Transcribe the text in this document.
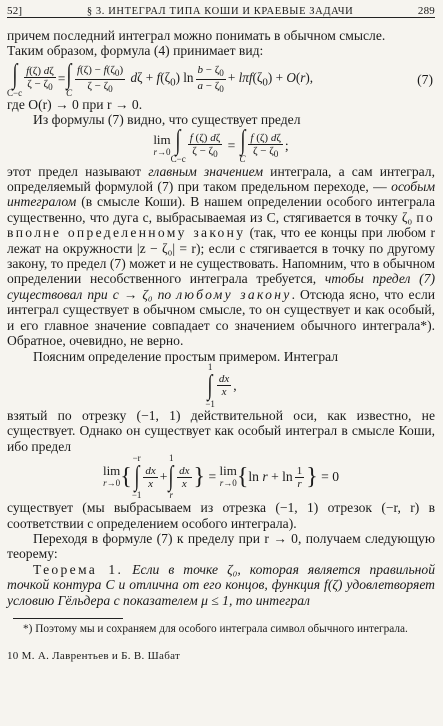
52]	§ 3. ИНТЕГРАЛ ТИПА КОШИ И КРАЕВЫЕ ЗАДАЧИ	289

причем последний интеграл можно понимать в обычном смысле.

Таким образом, формула (4) принимает вид:

∫
$C-c \frac{f(\zeta) d\zeta}{\zeta - \zeta_0}$ = ∫
C $\frac{f(\zeta) - f(\zeta_0)}{\zeta - \zeta_0}$ $d\zeta + f(\zeta_0)$ $\ln \frac{b - \zeta_0}{a - \zeta_0} + l\pi f(\zeta_0) + O(r)$,	(7)

где O(r) → 0 при r → 0.

Из формулы (7) видно, что существует предел

lim
r→0 ∫
$C-c \frac{f (\zeta) d\zeta}{\zeta - \zeta_0}$ = ∫
C $\frac{f (\zeta) d\zeta}{\zeta - \zeta_0}$ ;

этот предел называют главным значением интеграла, а сам интеграл, определяемый формулой (7) при таком предельном переходе, — особым интегралом (в смысле Коши). В нашем определении особого интеграла существенно, что дуга c, выбрасываемая из C, стягивается в точку ζ₀ по вполне определенному закону (так, что ее концы при любом r лежат на окружности |z − ζ₀| = r); если c стягивается в точку по другому закону, то предел (7) может и не существовать. Напомним, что в обычном определении несобственного интеграла требуется, чтобы предел (7) существовал при c → ζ₀ по любому закону. Отсюда ясно, что если интеграл существует в обычном смысле, то он существует и как особый, и его главное значение совпадает со значением обычного интеграла*). Обратное, очевидно, не верно.

Поясним определение простым примером. Интеграл

1
∫
−1
$\frac{dx}{x}$ ,

взятый по отрезку (−1, 1) действительной оси, как известно, не существует. Однако он существует как особый интеграл в смысле Коши, ибо предел

lim
r→0 {
−r
∫
−1
$\frac{dx}{x}$ +
1
∫
r
$\frac{dx}{x}$ } = lim
r→0 { $\ln r + \ln \frac{1}{r}$ } = 0

существует (мы выбрасываем из отрезка (−1, 1) отрезок (−r, r) в соответствии с определением особого интеграла).

Переходя в формуле (7) к пределу при r → 0, получаем следующую теорему:

Теорема 1. Если в точке ζ₀, которая является правильной точкой контура C и отлична от его концов, функция f(ζ) удовлетворяет условию Гёльдера с показателем μ ≤ 1, то интеграл

*) Поэтому мы и сохраняем для особого интеграла символ обычного интеграла.

10 М. А. Лаврентьев и Б. В. Шабат
